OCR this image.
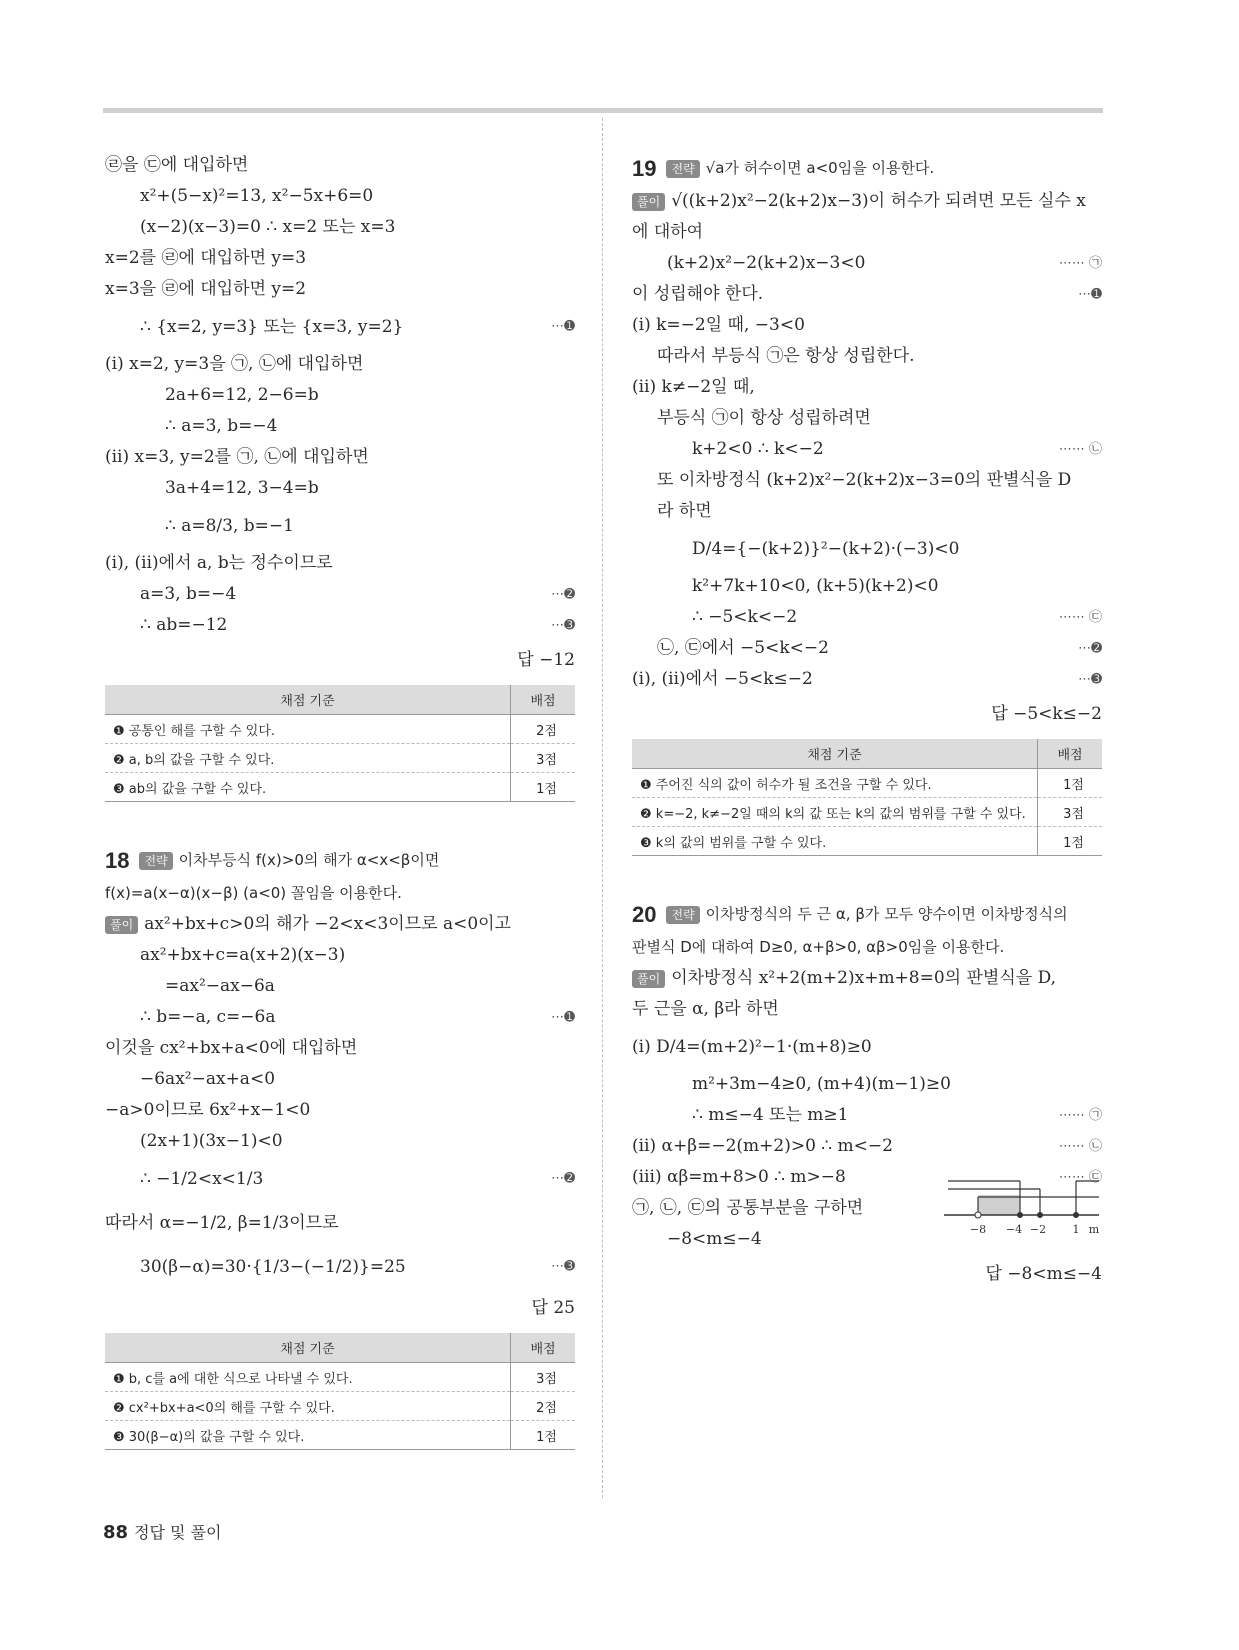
㉣을 ㉢에 대입하면
x²+(5−x)²=13, x²−5x+6=0
(x−2)(x−3)=0 ∴ x=2 또는 x=3
x=2를 ㉣에 대입하면 y=3
x=3을 ㉣에 대입하면 y=2
∴ {x=2, y=3} 또는 {x=3, y=2}	⋯➊
(ⅰ) x=2, y=3을 ㉠, ㉡에 대입하면
2a+6=12, 2−6=b
∴ a=3, b=−4
(ⅱ) x=3, y=2를 ㉠, ㉡에 대입하면
3a+4=12, 3−4=b
∴ a=8/3, b=−1
(ⅰ), (ⅱ)에서 a, b는 정수이므로
a=3, b=−4	⋯➋
∴ ab=−12	⋯➌
답 −12
채점 기준	배점
❶ 공통인 해를 구할 수 있다.	2점
❷ a, b의 값을 구할 수 있다.	3점
❸ ab의 값을 구할 수 있다.	1점
18 전략 이차부등식 f(x)>0의 해가 α<x<β이면
f(x)=a(x−α)(x−β) (a<0) 꼴임을 이용한다.
풀이 ax²+bx+c>0의 해가 −2<x<3이므로 a<0이고
ax²+bx+c=a(x+2)(x−3)
=ax²−ax−6a
∴ b=−a, c=−6a	⋯➊
이것을 cx²+bx+a<0에 대입하면
−6ax²−ax+a<0
−a>0이므로 6x²+x−1<0
(2x+1)(3x−1)<0
∴ −1/2<x<1/3	⋯➋
따라서 α=−1/2, β=1/3이므로
30(β−α)=30·{1/3−(−1/2)}=25	⋯➌
답 25
채점 기준	배점
❶ b, c를 a에 대한 식으로 나타낼 수 있다.	3점
❷ cx²+bx+a<0의 해를 구할 수 있다.	2점
❸ 30(β−α)의 값을 구할 수 있다.	1점
19 전략 √a가 허수이면 a<0임을 이용한다.
풀이 √((k+2)x²−2(k+2)x−3)이 허수가 되려면 모든 실수 x
에 대하여
(k+2)x²−2(k+2)x−3<0	⋯⋯ ㉠
이 성립해야 한다.	⋯➊
(ⅰ) k=−2일 때, −3<0
따라서 부등식 ㉠은 항상 성립한다.
(ⅱ) k≠−2일 때,
부등식 ㉠이 항상 성립하려면
k+2<0 ∴ k<−2	⋯⋯ ㉡
또 이차방정식 (k+2)x²−2(k+2)x−3=0의 판별식을 D
라 하면
D/4={−(k+2)}²−(k+2)·(−3)<0
k²+7k+10<0, (k+5)(k+2)<0
∴ −5<k<−2	⋯⋯ ㉢
㉡, ㉢에서 −5<k<−2	⋯➋
(ⅰ), (ⅱ)에서 −5<k≤−2	⋯➌
답 −5<k≤−2
채점 기준	배점
❶ 주어진 식의 값이 허수가 될 조건을 구할 수 있다.	1점
❷ k=−2, k≠−2일 때의 k의 값 또는 k의 값의 범위를 구할 수 있다.	3점
❸ k의 값의 범위를 구할 수 있다.	1점
20 전략 이차방정식의 두 근 α, β가 모두 양수이면 이차방정식의
판별식 D에 대하여 D≥0, α+β>0, αβ>0임을 이용한다.
풀이 이차방정식 x²+2(m+2)x+m+8=0의 판별식을 D,
두 근을 α, β라 하면
(ⅰ) D/4=(m+2)²−1·(m+8)≥0
m²+3m−4≥0, (m+4)(m−1)≥0
∴ m≤−4 또는 m≥1	⋯⋯ ㉠
(ⅱ) α+β=−2(m+2)>0 ∴ m<−2	⋯⋯ ㉡
(ⅲ) αβ=m+8>0 ∴ m>−8	⋯⋯ ㉢
㉠, ㉡, ㉢의 공통부분을 구하면
−8<m≤−4	−8 −4 −2 1 m
답 −8<m≤−4
88 정답 및 풀이
